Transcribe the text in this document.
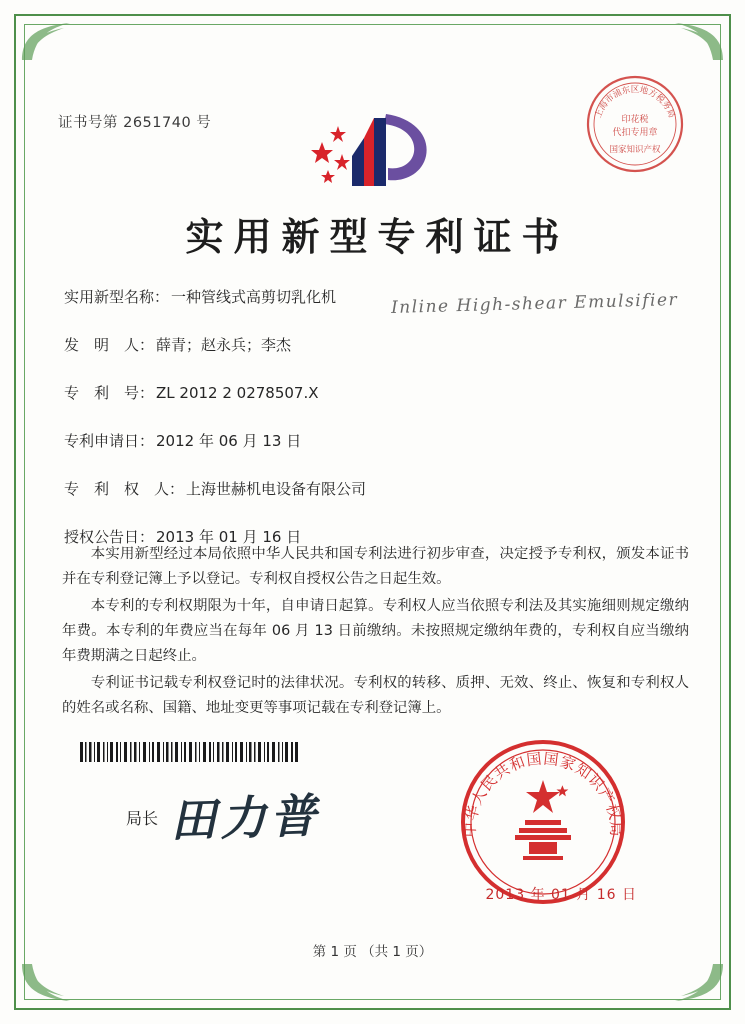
证书号第 2651740 号
上海市浦东区地方税务局
印花税
代扣专用章
国家知识产权
实用新型专利证书
实用新型名称： 一种管线式高剪切乳化机
发　明　人： 薛青；赵永兵；李杰
专　利　号： ZL 2012 2 0278507.X
专利申请日： 2012 年 06 月 13 日
专　利　权　人： 上海世赫机电设备有限公司
授权公告日： 2013 年 01 月 16 日
Inline High-shear Emulsifier

本实用新型经过本局依照中华人民共和国专利法进行初步审查，决定授予专利权，颁发本证书并在专利登记簿上予以登记。专利权自授权公告之日起生效。

本专利的专利权期限为十年，自申请日起算。专利权人应当依照专利法及其实施细则规定缴纳年费。本专利的年费应当在每年 06 月 13 日前缴纳。未按照规定缴纳年费的，专利权自应当缴纳年费期满之日起终止。

专利证书记载专利权登记时的法律状况。专利权的转移、质押、无效、终止、恢复和专利权人的姓名或名称、国籍、地址变更等事项记载在专利登记簿上。

局长 田力普	中华人民共和国国家知识产权局
2013 年 01 月 16 日
第 1 页 （共 1 页）
